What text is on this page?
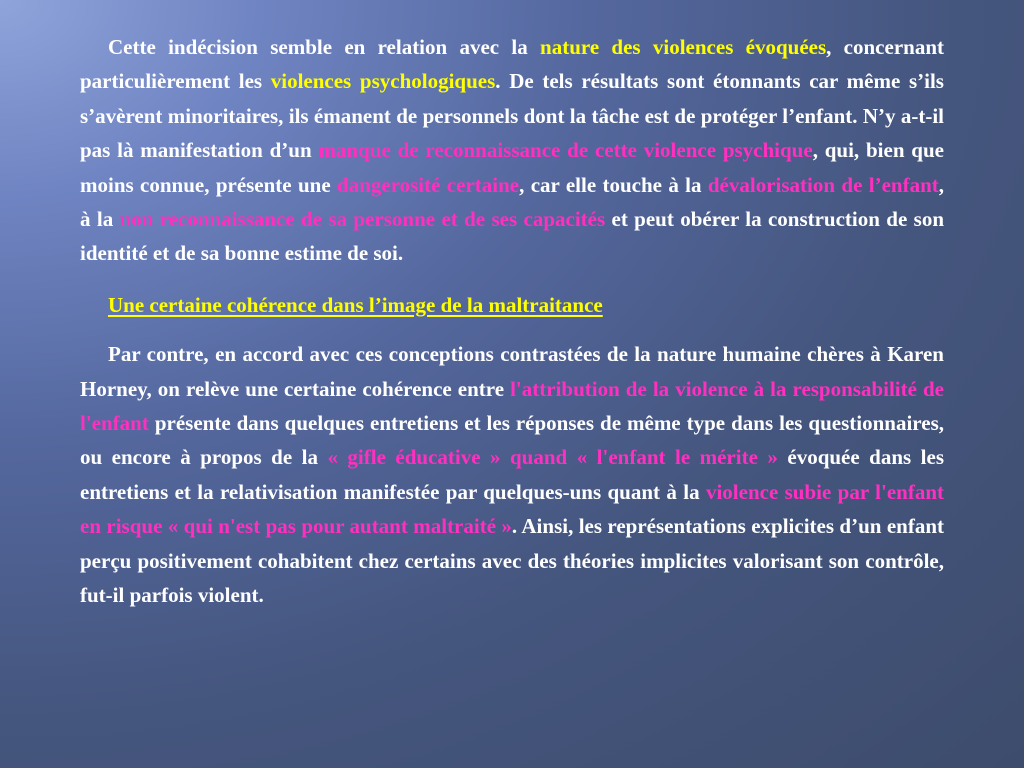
Cette indécision semble en relation avec la nature des violences évoquées, concernant particulièrement les violences psychologiques. De tels résultats sont étonnants car même s’ils s’avèrent minoritaires, ils émanent de personnels dont la tâche est de protéger l’enfant. N’y a-t-il pas là manifestation d’un manque de reconnaissance de cette violence psychique, qui, bien que moins connue, présente une dangerosité certaine, car elle touche à la dévalorisation de l’enfant, à la non reconnaissance de sa personne et de ses capacités et peut obérer la construction de son identité et de sa bonne estime de soi.

Une certaine cohérence dans l’image de la maltraitance

Par contre, en accord avec ces conceptions contrastées de la nature humaine chères à Karen Horney, on relève une certaine cohérence entre l'attribution de la violence à la responsabilité de l'enfant présente dans quelques entretiens et les réponses de même type dans les questionnaires, ou encore à propos de la « gifle éducative » quand « l'enfant le mérite » évoquée dans les entretiens et la relativisation manifestée par quelques-uns quant à la violence subie par l'enfant en risque « qui n'est pas pour autant maltraité ». Ainsi, les représentations explicites d’un enfant perçu positivement cohabitent chez certains avec des théories implicites valorisant son contrôle, fut-il parfois violent.
